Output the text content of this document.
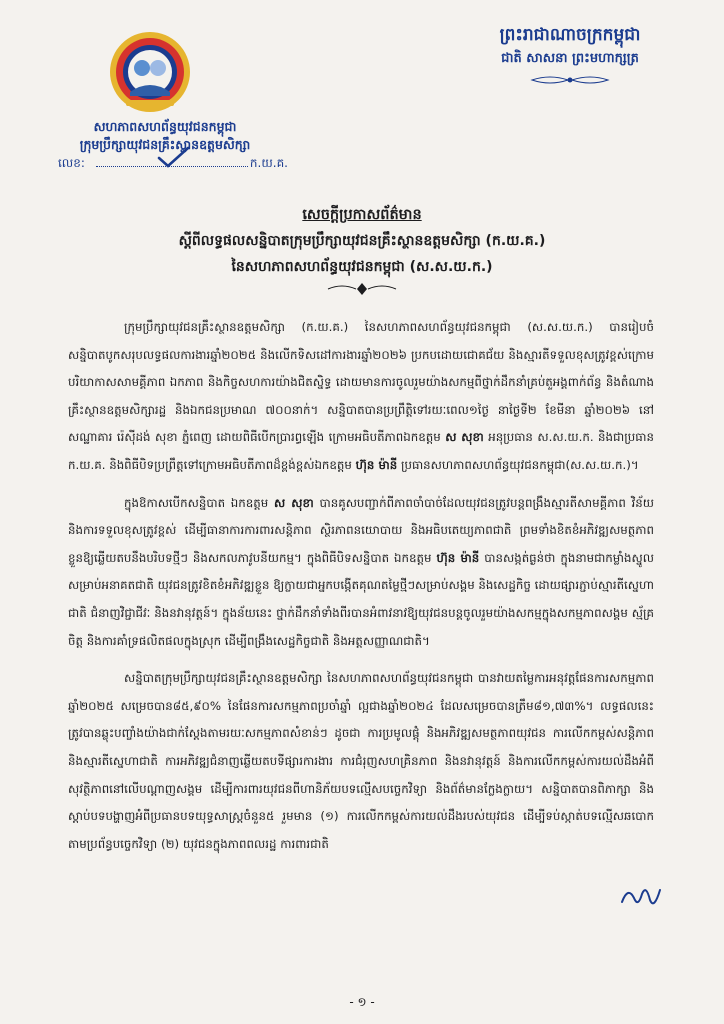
សហភាពសហព័ន្ធយុវជនកម្ពុជា
ក្រុមប្រឹក្សាយុវជនគ្រឹះស្ថានឧត្តមសិក្សា
លេខ:	ក.យ.គ.
ព្រះរាជាណាចក្រកម្ពុជា
ជាតិ សាសនា ព្រះមហាក្សត្រ
សេចក្តីប្រកាសព័ត៌មាន
ស្តីពីលទ្ធផលសន្និបាតក្រុមប្រឹក្សាយុវជនគ្រឹះស្ថានឧត្តមសិក្សា (ក.យ.គ.)
នៃសហភាពសហព័ន្ធយុវជនកម្ពុជា (ស.ស.យ.ក.)

ក្រុមប្រឹក្សាយុវជនគ្រឹះស្ថានឧត្តមសិក្សា (ក.យ.គ.) នៃសហភាពសហព័ន្ធយុវជនកម្ពុជា (ស.ស.យ.ក.) បានរៀបចំសន្និបាតបូកសរុបលទ្ធផលការងារឆ្នាំ២០២៥ និងលើកទិសដៅការងារឆ្នាំ២០២៦ ប្រកបដោយជោគជ័យ និងស្មារតីទទួលខុសត្រូវខ្ពស់ក្រោមបរិយាកាសសាមគ្គីភាព ឯកភាព និងកិច្ចសហការយ៉ាងជិតស្និទ្ធ ដោយមានការចូលរួមយ៉ាងសកម្មពីថ្នាក់ដឹកនាំគ្រប់តួអង្គពាក់ព័ន្ធ និងតំណាងគ្រឹះស្ថានឧត្តមសិក្សារដ្ឋ និងឯកជនប្រមាណ ៧០០នាក់។ សន្និបាតបានប្រព្រឹត្តិទៅរយៈពេល១ថ្ងៃ នាថ្ងៃទី២ ខែមីនា ឆ្នាំ២០២៦ នៅសណ្ឋាគារ រ៉េស៊ីដង់ សុខា ភ្នំពេញ ដោយពិធីបើកប្រារព្ធឡើង ក្រោមអធិបតីភាពឯកឧត្តម ស សុខា អនុប្រធាន ស.ស.យ.ក. និងជាប្រធាន ក.យ.គ. និងពិធីបិទប្រព្រឹត្តទៅក្រោមអធិបតីភាពដ៏ខ្ពង់ខ្ពស់ឯកឧត្តម ហ៊ុន ម៉ានី ប្រធានសហភាពសហព័ន្ធយុវជនកម្ពុជា(ស.ស.យ.ក.)។

ក្នុងឱកាសបើកសន្និបាត ឯកឧត្តម ស សុខា បានគូសបញ្ជាក់ពីភាពចាំបាច់ដែលយុវជនត្រូវបន្តពង្រឹងស្មារតីសាមគ្គីភាព វិន័យ និងការទទួលខុសត្រូវខ្ពស់ ដើម្បីធានាការការពារសន្តិភាព ស្ថិរភាពនយោបាយ និងអធិបតេយ្យភាពជាតិ ព្រមទាំងខិតខំអភិវឌ្ឍសមត្ថភាពខ្លួនឱ្យឆ្លើយតបនឹងបរិបទថ្មីៗ និងសកលភាវូបនីយកម្ម។ ក្នុងពិធីបិទសន្និបាត ឯកឧត្តម ហ៊ុន ម៉ានី បានសង្កត់ធ្ងន់ថា ក្នុងនាមជាកម្លាំងស្នូលសម្រាប់អនាគតជាតិ យុវជនត្រូវខិតខំអភិវឌ្ឍខ្លួន ឱ្យក្លាយជាអ្នកបង្កើតគុណតម្លៃថ្មីៗសម្រាប់សង្គម និងសេដ្ឋកិច្ច ដោយផ្សារភ្ជាប់ស្មារតីស្នេហាជាតិ ជំនាញវិជ្ជាជីវៈ និងនវានុវត្តន៍។ ក្នុងន័យនេះ ថ្នាក់ដឹកនាំទាំងពីរបានអំពាវនាវឱ្យយុវជនបន្តចូលរួមយ៉ាងសកម្មក្នុងសកម្មភាពសង្គម ស្ម័គ្រចិត្ត និងការគាំទ្រផលិតផលក្នុងស្រុក ដើម្បីពង្រឹងសេដ្ឋកិច្ចជាតិ និងអត្តសញ្ញាណជាតិ។

សន្និបាតក្រុមប្រឹក្សាយុវជនគ្រឹះស្ថានឧត្តមសិក្សា នៃសហភាពសហព័ន្ធយុវជនកម្ពុជា បានវាយតម្លៃការអនុវត្តផែនការសកម្មភាពឆ្នាំ២០២៥ សម្រេចបាន៨៥,៩០% នៃផែនការសកម្មភាពប្រចាំឆ្នាំ ល្អជាងឆ្នាំ២០២៤ ដែលសម្រេចបានត្រឹម៨១,៧៣%។ លទ្ធផលនេះ ត្រូវបានឆ្លុះបញ្ចាំងយ៉ាងជាក់ស្តែងតាមរយៈសកម្មភាពសំខាន់ៗ ដូចជា ការប្រមូលផ្តុំ និងអភិវឌ្ឍសមត្ថភាពយុវជន ការលើកកម្ពស់សន្តិភាព និងស្មារតីស្នេហាជាតិ ការអភិវឌ្ឍជំនាញឆ្លើយតបទីផ្សារការងារ ការជំរុញសហគ្រិនភាព និងនវានុវត្តន៍ និងការលើកកម្ពស់ការយល់ដឹងអំពីសុវត្ថិភាពនៅលើបណ្តាញសង្គម ដើម្បីការពារយុវជនពីហានិភ័យបទល្មើសបច្ចេកវិទ្យា និងព័ត៌មានក្លែងក្លាយ។ សន្និបាតបានពិភាក្សា និងស្តាប់បទបង្ហាញអំពីប្រធានបទយុទ្ធសាស្ត្រចំនួន៥ រួមមាន (១) ការលើកកម្ពស់ការយល់ដឹងរបស់យុវជន ដើម្បីទប់ស្កាត់បទល្មើសឆបោកតាមប្រព័ន្ធបច្ចេកវិទ្យា (២) យុវជនក្នុងភាពពលរដ្ឋ ការពារជាតិ

- ១ -
